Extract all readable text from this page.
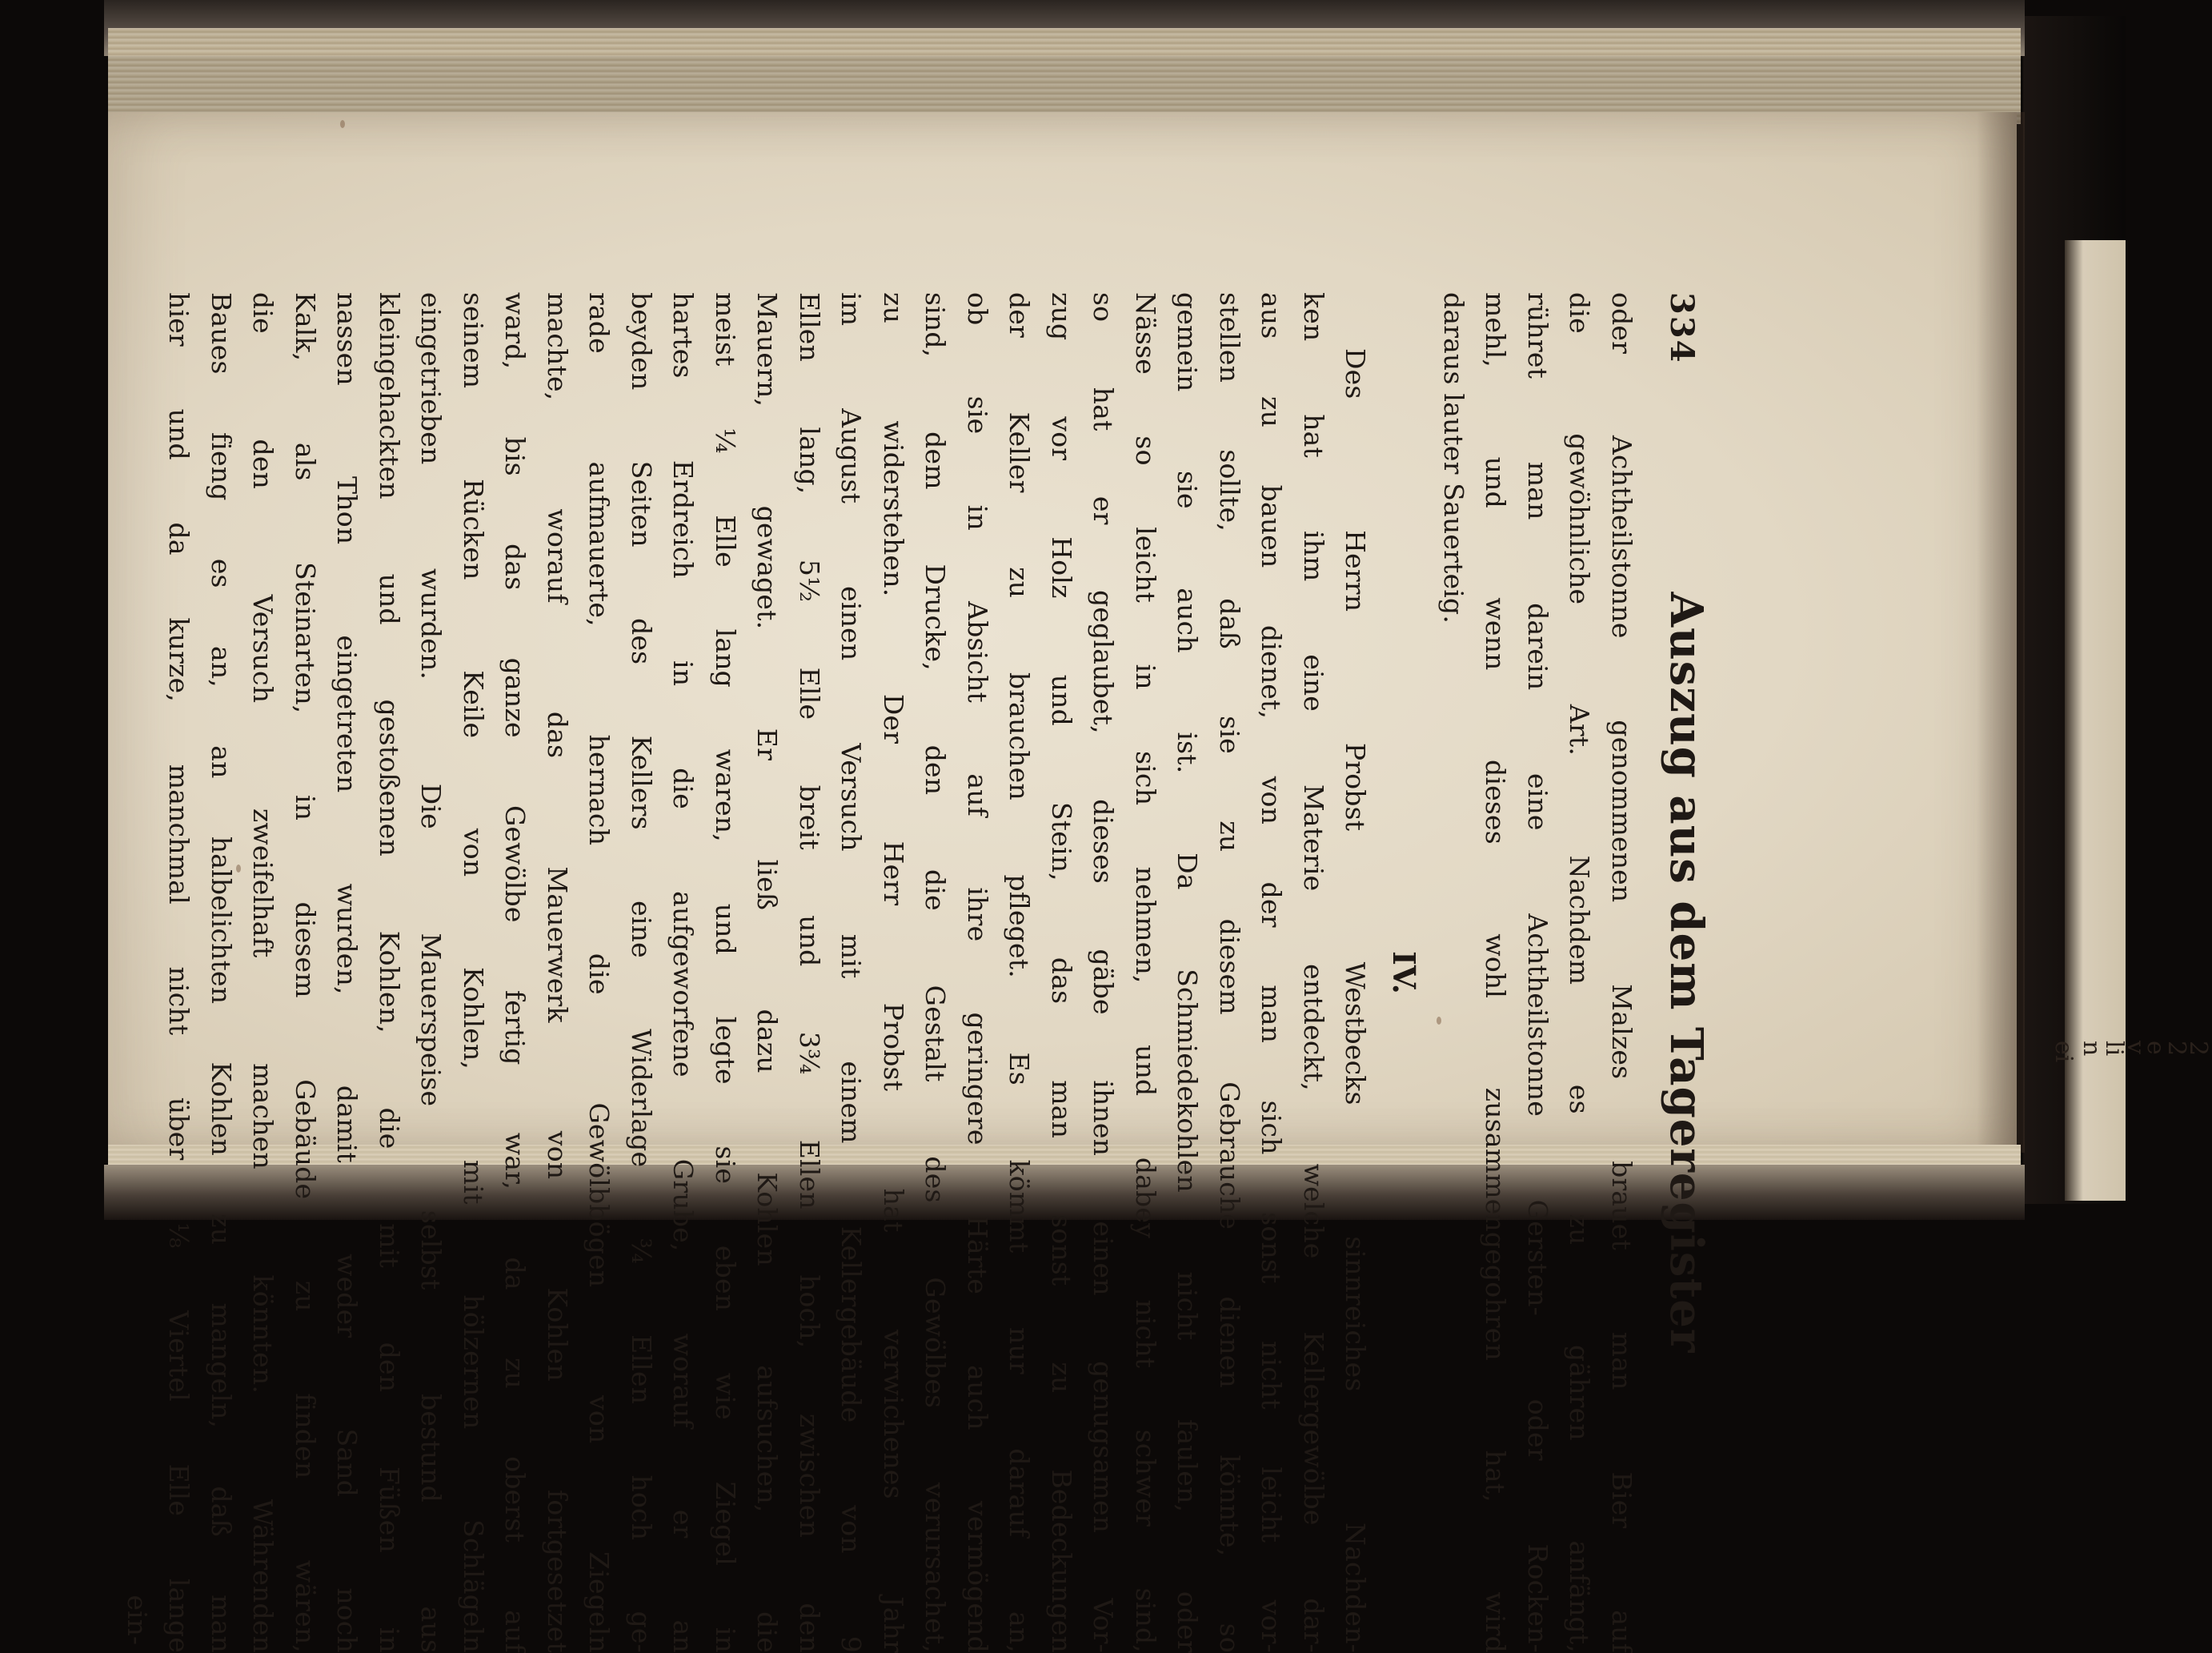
334
Auszug aus dem Tageregister
oder Achtheilstonne genommenen Malzes brauet man Bier auf
die gewöhnliche Art. Nachdem es zu gähren anfängt,
rühret man darein eine Achtheilstonne Gersten- oder Rocken-
mehl, und wenn dieses wohl zusammengegohren hat, wird
daraus lauter Sauerteig.
IV.
Des Herrn Probst Westbecks sinnreiches Nachden-
ken hat ihm eine Materie entdeckt, welche Kellergewölbe dar-
aus zu bauen dienet, von der man sich sonst nicht leicht vor-
stellen sollte, daß sie zu diesem Gebrauche dienen könnte, so
gemein sie auch ist. Da Schmiedekohlen nicht faulen, oder
Nässe so leicht in sich nehmen, und dabey nicht schwer sind,
so hat er geglaubet, dieses gäbe ihnen einen genugsamen Vor-
zug vor Holz und Stein, das man sonst zu Bedeckungen
der Keller zu brauchen pfleget. Es kömmt nur darauf an,
ob sie in Absicht auf ihre geringere Härte auch vermögend
sind, dem Drucke, den die Gestalt des Gewölbes verursachet,
zu widerstehen. Der Herr Probst hat verwichenes Jahr
im August einen Versuch mit einem Kellergebäude von 9
Ellen lang, 5½ Elle breit und 3¾ Ellen hoch, zwischen den
Mauern, gewaget. Er ließ dazu Kohlen aufsuchen, die
meist ¼ Elle lang waren, und legte sie eben wie Ziegel in
hartes Erdreich in die aufgeworfene Grube, worauf er an
beyden Seiten des Kellers eine Widerlage ¾ Ellen hoch ge-
rade aufmauerte, hernach die Gewölbbögen von Ziegeln
machte, worauf das Mauerwerk von Kohlen fortgesetzet
ward, bis das ganze Gewölbe fertig war, da zu oberst auf
seinem Rücken Keile von Kohlen, mit hölzernen Schlägeln
eingetrieben wurden. Die Mauerspeise selbst bestund aus
kleingehackten und gestoßenen Kohlen, die mit den Füßen in
nassen Thon eingetreten wurden, damit weder Sand noch
Kalk, als Steinarten, in diesem Gebäude zu finden wären,
die den Versuch zweifelhaft machen könnten. Währenden
Baues fieng es an, an halbelichten Kohlen zu mangeln, daß man
hier und da kurze, manchmal nicht über ⅛ Viertel Elle lange
ein-
ei n
li
v
e
2
2
